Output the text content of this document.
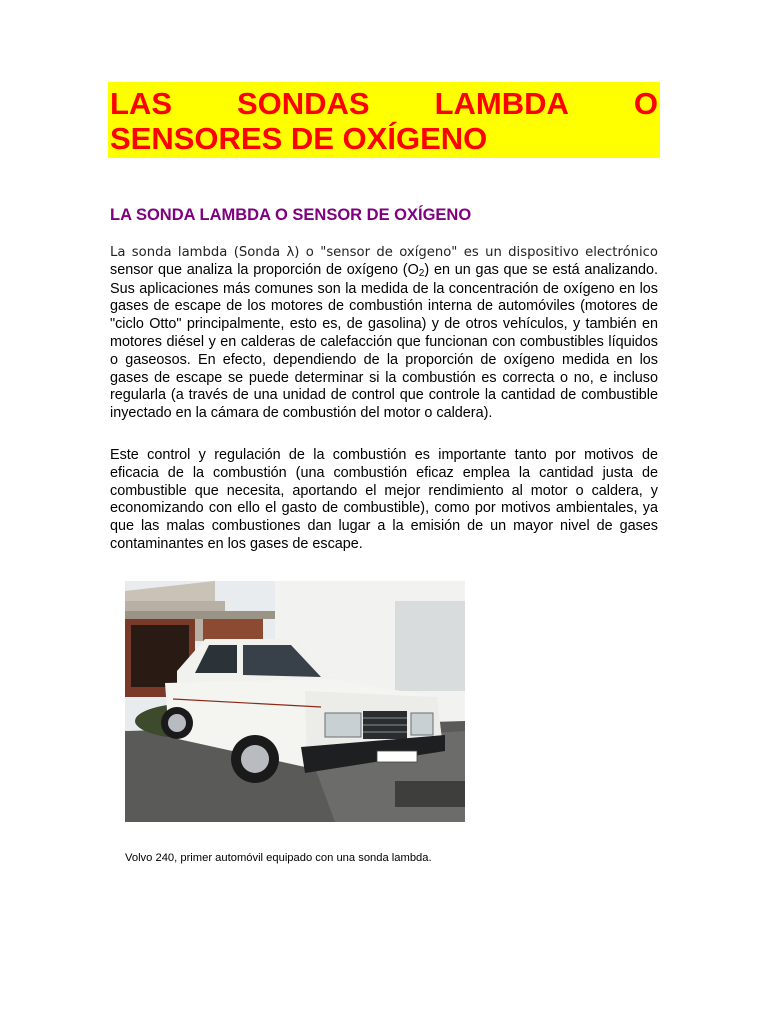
LAS SONDAS LAMBDA O
SENSORES DE OXÍGENO
LA SONDA LAMBDA O SENSOR DE OXÍGENO
La sonda lambda (Sonda λ) o "sensor de oxígeno" es un dispositivo electrónico sensor que analiza la proporción de oxígeno $(O_2)$ en un gas que se está analizando. Sus aplicaciones más comunes son la medida de la concentración de oxígeno en los gases de escape de los motores de combustión interna de automóviles (motores de "ciclo Otto" principalmente, esto es, de gasolina) y de otros vehículos, y también en motores diésel y en calderas de calefacción que funcionan con combustibles líquidos o gaseosos. En efecto, dependiendo de la proporción de oxígeno medida en los gases de escape se puede determinar si la combustión es correcta o no, e incluso regularla (a través de una unidad de control que controle la cantidad de combustible inyectado en la cámara de combustión del motor o caldera).
Este control y regulación de la combustión es importante tanto por motivos de eficacia de la combustión (una combustión eficaz emplea la cantidad justa de combustible que necesita, aportando el mejor rendimiento al motor o caldera, y economizando con ello el gasto de combustible), como por motivos ambientales, ya que las malas combustiones dan lugar a la emisión de un mayor nivel de gases contaminantes en los gases de escape.
Volvo 240, primer automóvil equipado con una sonda lambda.
